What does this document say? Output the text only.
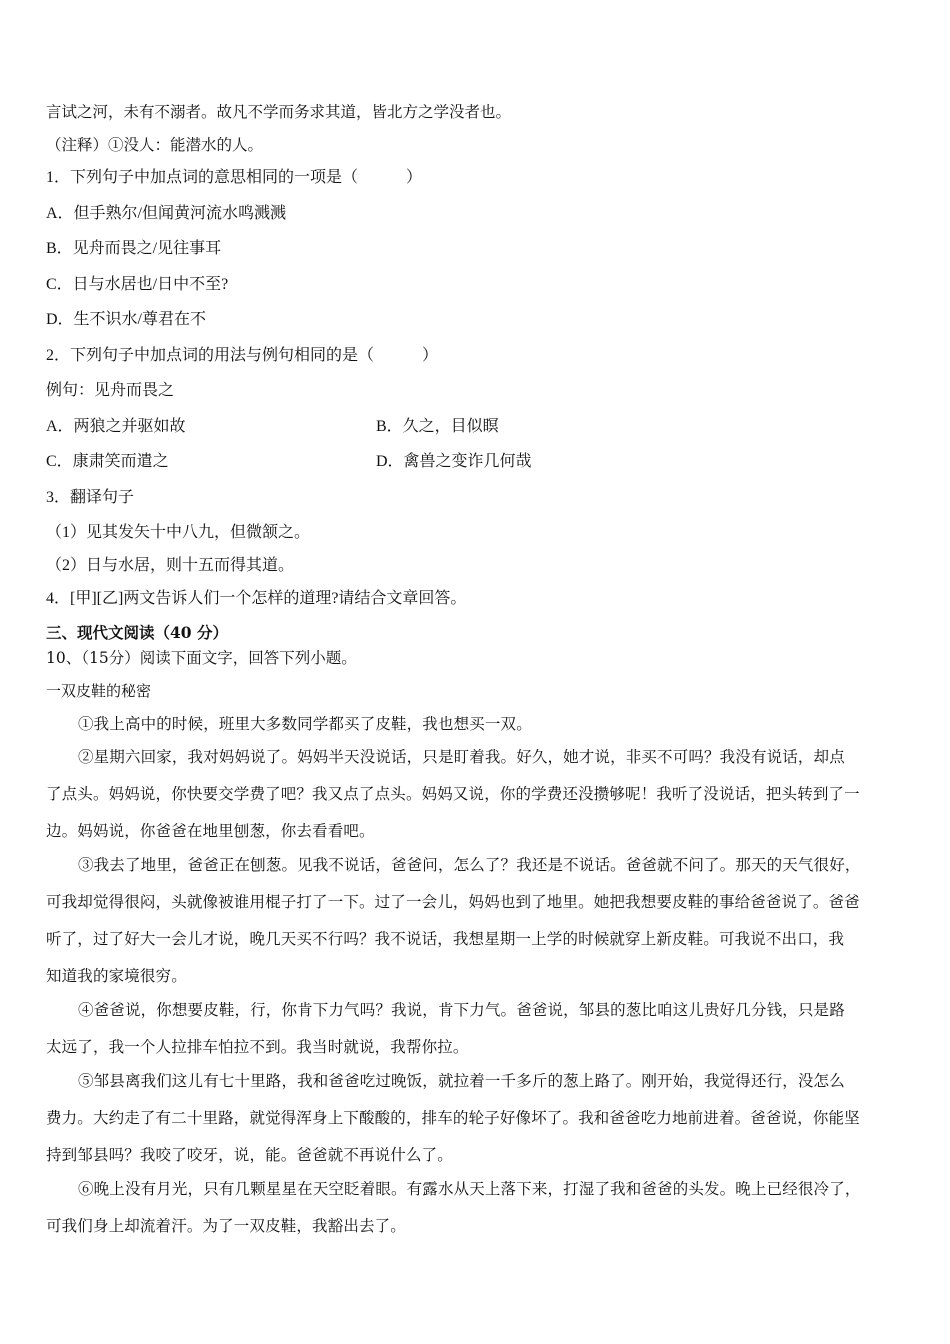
言试之河，未有不溺者。故凡不学而务求其道，皆北方之学没者也。
（注释）①没人：能潜水的人。
1．下列句子中加点词的意思相同的一项是（　　　）
A．但手熟尔/但闻黄河流水鸣溅溅
B．见舟而畏之/见往事耳
C．日与水居也/日中不至?
D．生不识水/尊君在不
2．下列句子中加点词的用法与例句相同的是（　　　）
例句：见舟而畏之
A．两狼之并驱如故	B．久之，目似瞑
C．康肃笑而遣之	D．禽兽之变诈几何哉
3．翻译句子
（1）见其发矢十中八九，但微颔之。
（2）日与水居，则十五而得其道。
4．[甲][乙]两文告诉人们一个怎样的道理?请结合文章回答。
三、现代文阅读（40 分）
10、（15分）阅读下面文字，回答下列小题。
一双皮鞋的秘密
①我上高中的时候，班里大多数同学都买了皮鞋，我也想买一双。
②星期六回家，我对妈妈说了。妈妈半天没说话，只是盯着我。好久，她才说，非买不可吗？我没有说话，却点
了点头。妈妈说，你快要交学费了吧？我又点了点头。妈妈又说，你的学费还没攒够呢！我听了没说话，把头转到了一
边。妈妈说，你爸爸在地里刨葱，你去看看吧。
③我去了地里，爸爸正在刨葱。见我不说话，爸爸问，怎么了？我还是不说话。爸爸就不问了。那天的天气很好，
可我却觉得很闷，头就像被谁用棍子打了一下。过了一会儿，妈妈也到了地里。她把我想要皮鞋的事给爸爸说了。爸爸
听了，过了好大一会儿才说，晚几天买不行吗？我不说话，我想星期一上学的时候就穿上新皮鞋。可我说不出口，我
知道我的家境很穷。
④爸爸说，你想要皮鞋，行，你肯下力气吗？我说，肯下力气。爸爸说，邹县的葱比咱这儿贵好几分钱，只是路
太远了，我一个人拉排车怕拉不到。我当时就说，我帮你拉。
⑤邹县离我们这儿有七十里路，我和爸爸吃过晚饭，就拉着一千多斤的葱上路了。刚开始，我觉得还行，没怎么
费力。大约走了有二十里路，就觉得浑身上下酸酸的，排车的轮子好像坏了。我和爸爸吃力地前进着。爸爸说，你能坚
持到邹县吗？我咬了咬牙，说，能。爸爸就不再说什么了。
⑥晚上没有月光，只有几颗星星在天空眨着眼。有露水从天上落下来，打湿了我和爸爸的头发。晚上已经很冷了，
可我们身上却流着汗。为了一双皮鞋，我豁出去了。
